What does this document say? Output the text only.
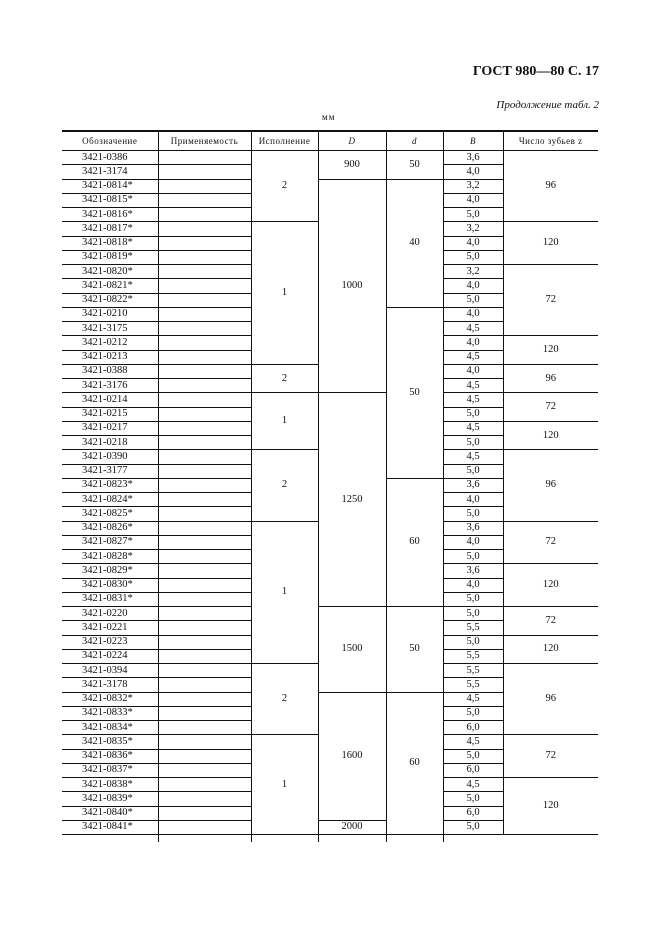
ГОСТ 980—80 С. 17
Продолжение табл. 2
мм
Обозначение	Применяемость	Исполнение	D	d	B	Число зубьев z
3421-0386		2	900	50	3,6	96
3421-3174					4,0	
3421-0814*			1000	40	3,2	
3421-0815*					4,0	
3421-0816*					5,0	
3421-0817*		1			3,2	120
3421-0818*					4,0	
3421-0819*					5,0	
3421-0820*					3,2	72
3421-0821*					4,0	
3421-0822*					5,0	
3421-0210				50	4,0	
3421-3175					4,5	
3421-0212					4,0	120
3421-0213					4,5	
3421-0388		2			4,0	96
3421-3176					4,5	
3421-0214		1	1250		4,5	72
3421-0215					5,0	
3421-0217					4,5	120
3421-0218					5,0	
3421-0390		2			4,5	96
3421-3177					5,0	
3421-0823*				60	3,6	
3421-0824*					4,0	
3421-0825*					5,0	
3421-0826*		1			3,6	72
3421-0827*					4,0	
3421-0828*					5,0	
3421-0829*					3,6	120
3421-0830*					4,0	
3421-0831*					5,0	
3421-0220			1500	50	5,0	72
3421-0221					5,5	
3421-0223					5,0	120
3421-0224					5,5	
3421-0394		2			5,5	96
3421-3178					5,5	
3421-0832*			1600	60	4,5	
3421-0833*					5,0	
3421-0834*					6,0	
3421-0835*		1			4,5	72
3421-0836*					5,0	
3421-0837*					6,0	
3421-0838*					4,5	120
3421-0839*					5,0	
3421-0840*					6,0	
3421-0841*			2000		5,0	
